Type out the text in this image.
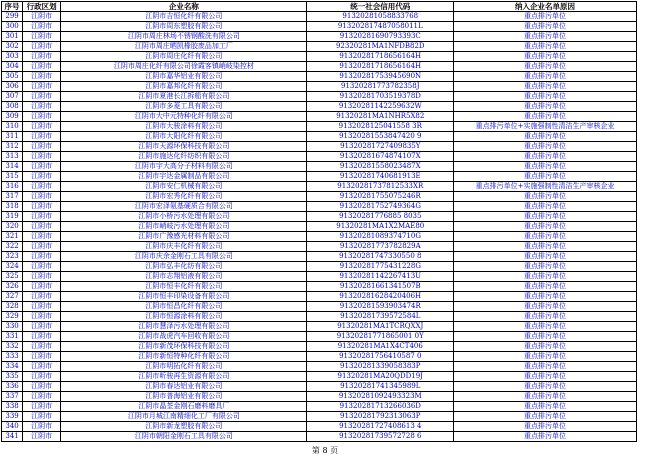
序号	行政区划	企业名称	统一社会信用代码	纳入企业名单原因
299	江阴市	江阴市吉恒化纤有限公司	91320281058833768	重点排污单位
300	江阴市	江阴市周东塑胶有限公司	913202817487058011L	重点排污单位
301	江阴市	江阴市周庄林场不锈钢酸洗有限公司	91320281690793393C	重点排污单位
302	江阴市	江阴市周庄晒凯橡胶废品加工厂	92320281MA1NFDB82D	重点排污单位
303	江阴市	江阴市周庄化纤有限公司	91320281718656164H	重点排污单位
304	江阴市	江阴市周庄化纤有限公司徐霞客镇峭岐染控材	91320281718656164H	重点排污单位
305	江阴市	江阴市嘉华铝业有限公司	91320281753945690N	重点排污单位
306	江阴市	江阴市嘉邦化纤有限公司	91320281773782358J	重点排污单位
307	江阴市	江阴市夏港长江拆船有限公司	91320281703519378D	重点排污单位
308	江阴市	江阴市多菱工具有限公司	91320281142259632W	重点排污单位
309	江阴市	江阴市大中元特种化纤有限公司	91320281MA1NHR5X82	重点排污单位
310	江阴市	江阴市大骏涂料有限公司	9132028125041558 3R	重点排污单位+实施强制性清洁生产审核企业
311	江阴市	江阴市大阳化纤有限公司	91320281553847420 9	重点排污单位
312	江阴市	江阴市天源环保科技有限公司	91320281727409835Y	重点排污单位
313	江阴市	江阴市施达化纤纺织有限公司	91320281674874107X	重点排污单位
314	江阴市	江阴市宇大高分子材料有限公司	91320281558023487X	重点排污单位
315	江阴市	江阴市宇达金属制品有限公司	91320281740681913E	重点排污单位
316	江阴市	江阴市安仁机械有限公司	91320281737812533XR	重点排污单位+实施强制性清洁生产审核企业
317	江阴市	江阴市宏秀化纤有限公司	91320281755075246R	重点排污单位
318	江阴市	江阴市宏泽氨基硬质合有限公司	91320281752749364G	重点排污单位
319	江阴市	江阴市小桥污水处理有限公司	91320281776885 8035	重点排污单位
320	江阴市	江阴市峭岐污水处理有限公司	91320281MA1X2MAE80	重点排污单位
321	江阴市	江阴市广豫感光材料有限公司	91320281089374710G	重点排污单位
322	江阴市	江阴市庆丰化纤有限公司	91320281773782829A	重点排污单位
323	江阴市	江阴市庆余金刚石工具有限公司	91320281747330550 8	重点排污单位
324	江阴市	江阴市弘丰化纺有限公司	91320281775431228G	重点排污单位
325	江阴市	江阴市志翔铝液有限公司	91320281142267413U	重点排污单位
326	江阴市	江阴市恒丰化纤有限公司	91320281661341507B	重点排污单位
327	江阴市	江阴市恒丰印染设备有限公司	91320281628420406H	重点排污单位
328	江阴市	江阴市恒昌化纤有限公司	91320281593903474R	重点排污单位
329	江阴市	江阴市恒源涂料有限公司	91320281739572584L	重点排污单位
330	江阴市	江阴市慧泽污水处理有限公司	91320281MA1TCRQXXJ	重点排污单位
331	江阴市	江阴市战虎汽车回收有限公司	91320281771865001 0Y	重点排污单位
332	江阴市	江阴市新茂环保科技有限公司	91320281MA1X4CT406	重点排污单位
333	江阴市	江阴市新恒特种化纤有限公司	91320281756410587 0	重点排污单位
334	江阴市	江阴市明拓化纤有限公司	91320281339058383P	重点排污单位
335	江阴市	江阴市昕骏再生资源有限公司	91320281MA20QDD19J	重点排污单位
336	江阴市	江阴市春达铝业有限公司	91320281741345989L	重点排污单位
337	江阴市	江阴市普海铝业有限公司	91320281092493323M	重点排污单位
338	江阴市	江阴市晶荃金刚石磨料磨具厂	91320281713266036D	重点排污单位
339	江阴市	江阴市月城江南精细化工厂有限公司	91320281792313063P	重点排污单位
340	江阴市	江阴市新龙塑胶有限公司	91320281727408613 4	重点排污单位
341	江阴市	江阴市朝阳金刚石工具有限公司	91320281739572728 6	重点排污单位
第 8 页
